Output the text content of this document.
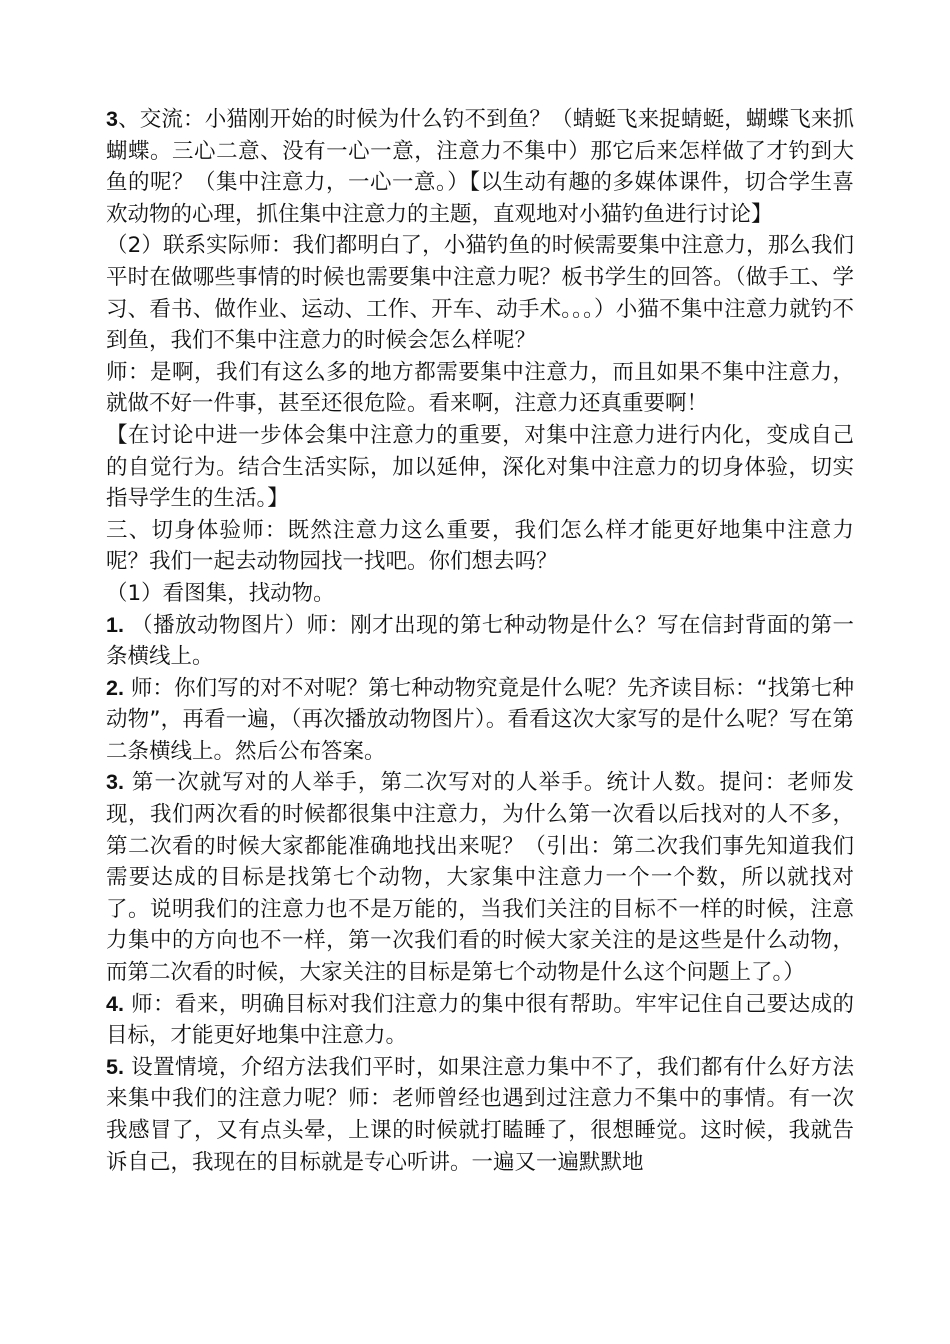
3、交流：小猫刚开始的时候为什么钓不到鱼？（蜻蜓飞来捉蜻蜓，蝴蝶飞来抓蝴蝶。三心二意、没有一心一意，注意力不集中）那它后来怎样做了才钓到大鱼的呢？（集中注意力，一心一意。）【以生动有趣的多媒体课件，切合学生喜欢动物的心理，抓住集中注意力的主题，直观地对小猫钓鱼进行讨论】

（2）联系实际师：我们都明白了，小猫钓鱼的时候需要集中注意力，那么我们平时在做哪些事情的时候也需要集中注意力呢？板书学生的回答。（做手工、学习、看书、做作业、运动、工作、开车、动手术。。。）小猫不集中注意力就钓不到鱼，我们不集中注意力的时候会怎么样呢？

师：是啊，我们有这么多的地方都需要集中注意力，而且如果不集中注意力，就做不好一件事，甚至还很危险。看来啊，注意力还真重要啊！

【在讨论中进一步体会集中注意力的重要，对集中注意力进行内化，变成自己的自觉行为。结合生活实际，加以延伸，深化对集中注意力的切身体验，切实指导学生的生活。】

三、切身体验师：既然注意力这么重要，我们怎么样才能更好地集中注意力呢？我们一起去动物园找一找吧。你们想去吗？

（1）看图集，找动物。

1. （播放动物图片）师：刚才出现的第七种动物是什么？写在信封背面的第一条横线上。

2. 师：你们写的对不对呢？第七种动物究竟是什么呢？先齐读目标：“找第七种动物”，再看一遍，（再次播放动物图片）。看看这次大家写的是什么呢？写在第二条横线上。然后公布答案。

3. 第一次就写对的人举手，第二次写对的人举手。统计人数。提问：老师发现，我们两次看的时候都很集中注意力，为什么第一次看以后找对的人不多，第二次看的时候大家都能准确地找出来呢？（引出：第二次我们事先知道我们需要达成的目标是找第七个动物，大家集中注意力一个一个数，所以就找对了。说明我们的注意力也不是万能的，当我们关注的目标不一样的时候，注意力集中的方向也不一样，第一次我们看的时候大家关注的是这些是什么动物，而第二次看的时候，大家关注的目标是第七个动物是什么这个问题上了。）

4. 师：看来，明确目标对我们注意力的集中很有帮助。牢牢记住自己要达成的目标，才能更好地集中注意力。

5. 设置情境，介绍方法我们平时，如果注意力集中不了，我们都有什么好方法来集中我们的注意力呢？师：老师曾经也遇到过注意力不集中的事情。有一次我感冒了，又有点头晕，上课的时候就打瞌睡了，很想睡觉。这时候，我就告诉自己，我现在的目标就是专心听讲。一遍又一遍默默地
